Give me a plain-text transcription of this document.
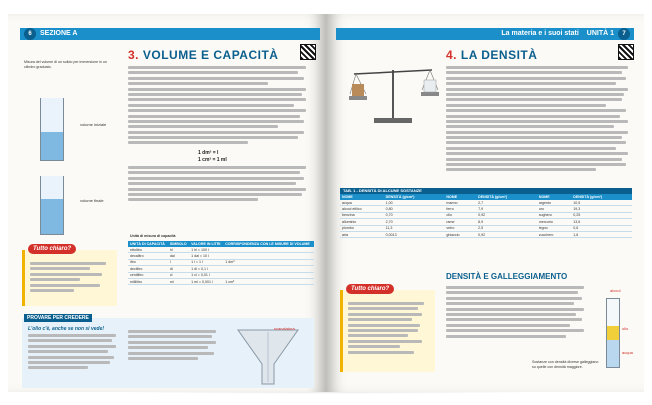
6 SEZIONE A
3. VOLUME E CAPACITÀ
Misura del volume di un solido per immersione in un cilindro graduato.
volume iniziale
volume finale
1 dm³ = l
1 cm³ = 1 ml
Tutto chiaro?
Unità di misura di capacità
UNITÀ DI CAPACITÀ	SIMBOLO	VALORE IN LITRI	CORRISPONDENZA CON LE MISURE DI VOLUME
ettolitro	hl	1 hl = 100 l	
decalitro	dal	1 dal = 10 l	
litro	l	1 l = 1 l	1 dm³
decilitro	dl	1 dl = 0,1 l	
centilitro	cl	1 cl = 0,01 l	
millilitro	ml	1 ml = 0,001 l	1 cm³
PROVARE PER CREDERE
L'olio c'è, anche se non si vede!	scanalatura
La materia e i suoi stati UNITÀ 1 7
4. LA DENSITÀ
TAB. 1 - DENSITÀ DI ALCUNE SOSTANZE
NOME	DENSITÀ (g/cm³)	NOME	DENSITÀ (g/cm³)	NOME	DENSITÀ (g/cm³)
acqua	1,00	marmo	2,7	argento	10,5
alcool etilico	0,80	ferro	7,9	oro	19,3
benzina	0,70	olio	0,92	sughero	0,25
alluminio	2,70	rame	8,9	mercurio	13,6
piombo	11,3	vetro	2,5	legno	0,6
aria	0,0013	ghiaccio	0,92	zucchero	1,6
Tutto chiaro?
DENSITÀ E GALLEGGIAMENTO
alcool
olio
acqua
Sostanze con densità diverse galleggiano su quelle con densità maggiore.
